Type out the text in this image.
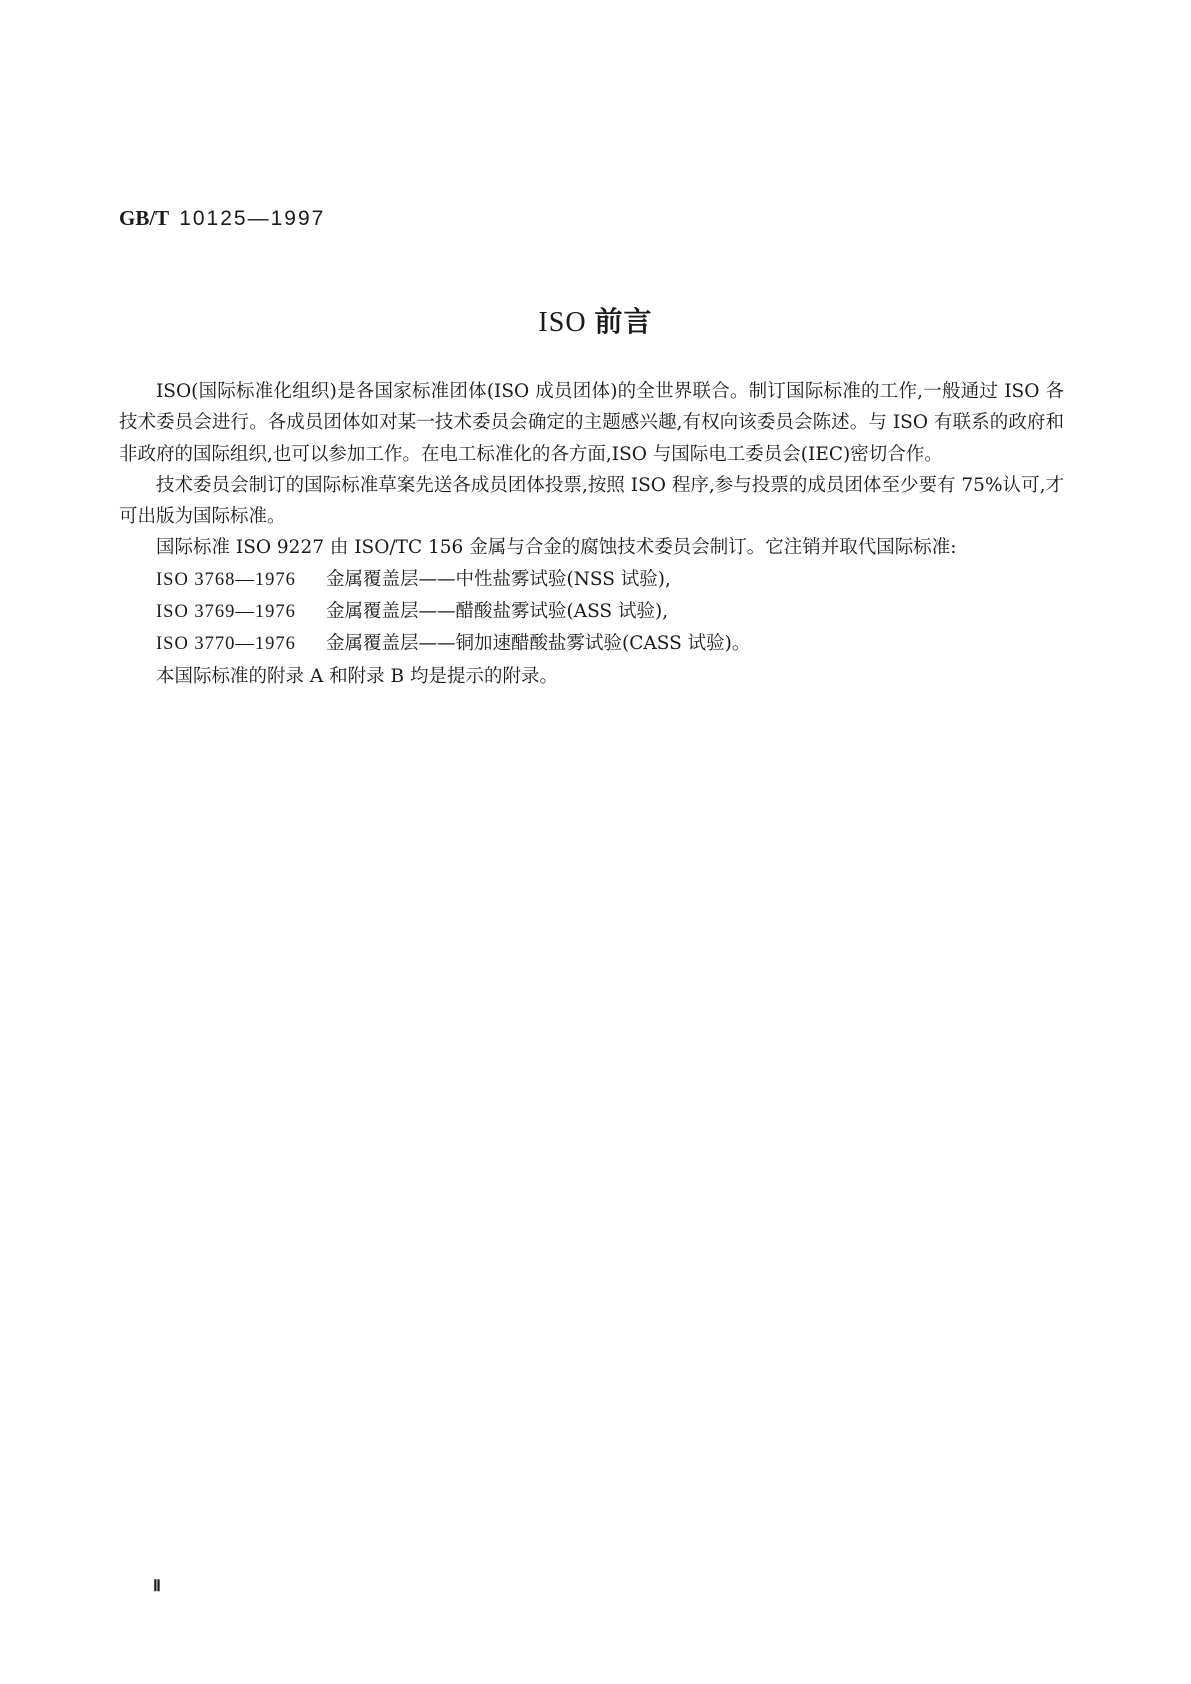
GB/T 10125—1997
ISO 前言

ISO(国际标准化组织)是各国家标准团体(ISO 成员团体)的全世界联合。制订国际标准的工作,一般通过 ISO 各技术委员会进行。各成员团体如对某一技术委员会确定的主题感兴趣,有权向该委员会陈述。与 ISO 有联系的政府和非政府的国际组织,也可以参加工作。在电工标准化的各方面,ISO 与国际电工委员会(IEC)密切合作。

技术委员会制订的国际标准草案先送各成员团体投票,按照 ISO 程序,参与投票的成员团体至少要有 75%认可,才可出版为国际标准。

国际标准 ISO 9227 由 ISO/TC 156 金属与合金的腐蚀技术委员会制订。它注销并取代国际标准:

ISO 3768—1976 金属覆盖层——中性盐雾试验(NSS 试验),

ISO 3769—1976 金属覆盖层——醋酸盐雾试验(ASS 试验),

ISO 3770—1976 金属覆盖层——铜加速醋酸盐雾试验(CASS 试验)。

本国际标准的附录 A 和附录 B 均是提示的附录。

Ⅱ
